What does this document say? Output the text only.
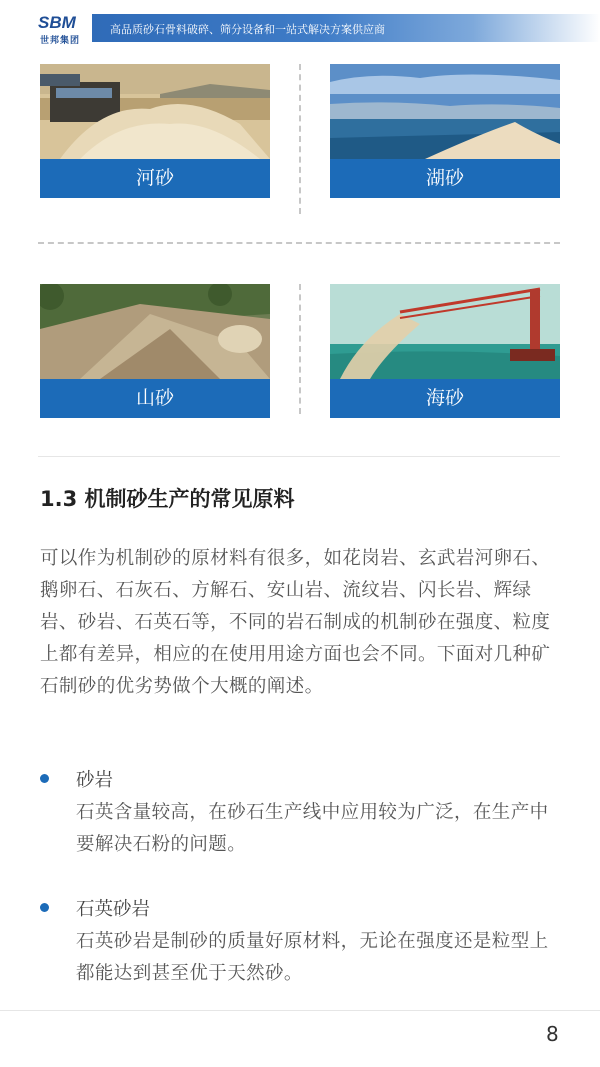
SBM
世邦集团
高品质砂石骨料破碎、筛分设备和一站式解决方案供应商
河砂	湖砂
山砂	海砂
1.3 机制砂生产的常见原料
可以作为机制砂的原材料有很多，如花岗岩、玄武岩河卵石、鹅卵石、石灰石、方解石、安山岩、流纹岩、闪长岩、辉绿岩、砂岩、石英石等，不同的岩石制成的机制砂在强度、粒度上都有差异，相应的在使用用途方面也会不同。下面对几种矿石制砂的优劣势做个大概的阐述。
砂岩
石英含量较高，在砂石生产线中应用较为广泛，在生产中要解决石粉的问题。
石英砂岩
石英砂岩是制砂的质量好原材料，无论在强度还是粒型上都能达到甚至优于天然砂。
8
